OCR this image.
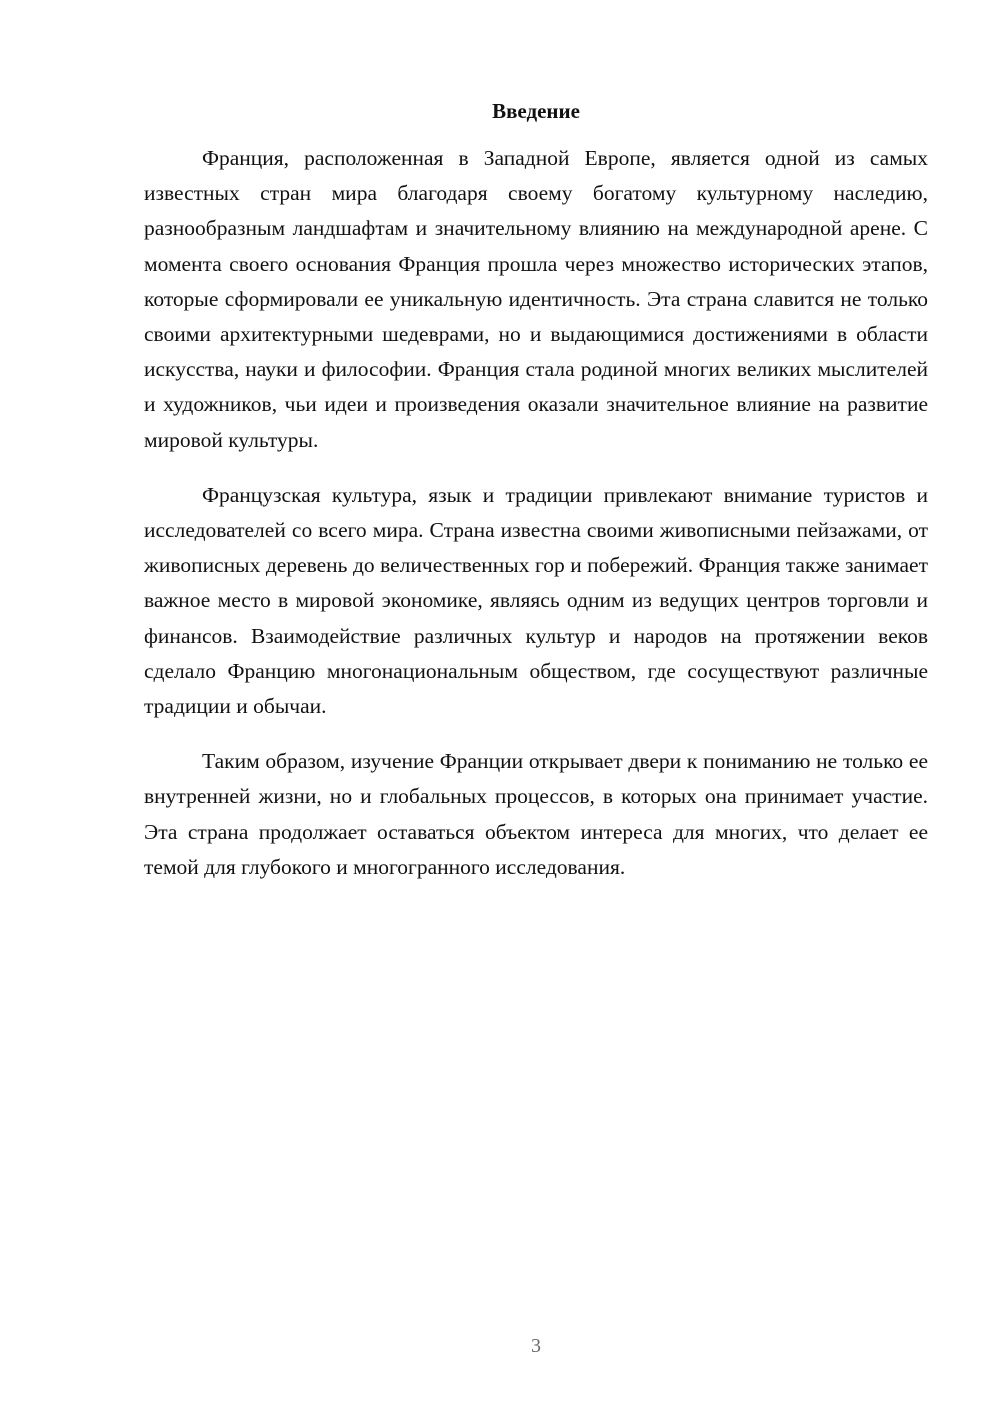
Введение

Франция, расположенная в Западной Европе, является одной из самых известных стран мира благодаря своему богатому культурному наследию, разнообразным ландшафтам и значительному влиянию на международной арене. С момента своего основания Франция прошла через множество исторических этапов, которые сформировали ее уникальную идентичность. Эта страна славится не только своими архитектурными шедеврами, но и выдающимися достижениями в области искусства, науки и философии. Франция стала родиной многих великих мыслителей и художников, чьи идеи и произведения оказали значительное влияние на развитие мировой культуры.

Французская культура, язык и традиции привлекают внимание туристов и исследователей со всего мира. Страна известна своими живописными пейзажами, от живописных деревень до величественных гор и побережий. Франция также занимает важное место в мировой экономике, являясь одним из ведущих центров торговли и финансов. Взаимодействие различных культур и народов на протяжении веков сделало Францию многонациональным обществом, где сосуществуют различные традиции и обычаи.

Таким образом, изучение Франции открывает двери к пониманию не только ее внутренней жизни, но и глобальных процессов, в которых она принимает участие. Эта страна продолжает оставаться объектом интереса для многих, что делает ее темой для глубокого и многогранного исследования.

3
